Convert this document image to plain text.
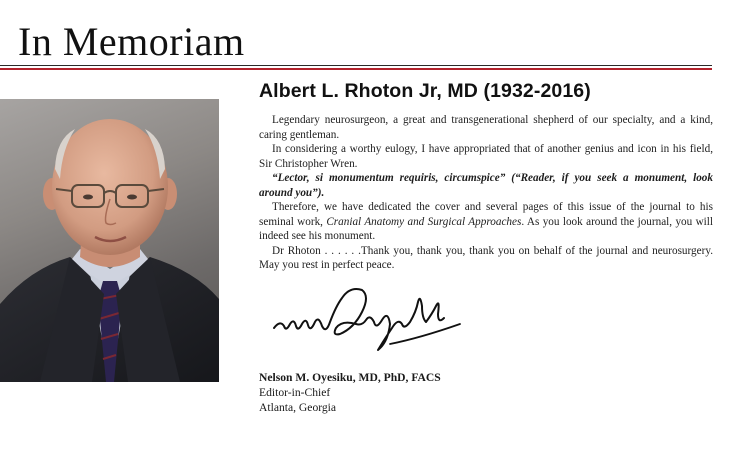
In Memoriam
Albert L. Rhoton Jr, MD (1932-2016)

Legendary neurosurgeon, a great and transgenerational shepherd of our specialty, and a kind, caring gentleman.

In considering a worthy eulogy, I have appropriated that of another genius and icon in his field, Sir Christopher Wren.

“Lector, si monumentum requiris, circumspice” (“Reader, if you seek a monument, look around you”).

Therefore, we have dedicated the cover and several pages of this issue of the journal to his seminal work, Cranial Anatomy and Surgical Approaches. As you look around the journal, you will indeed see his monument.

Dr Rhoton . . . . . .Thank you, thank you, thank you on behalf of the journal and neurosurgery. May you rest in perfect peace.

Nelson M. Oyesiku, MD, PhD, FACS
Editor-in-Chief
Atlanta, Georgia
